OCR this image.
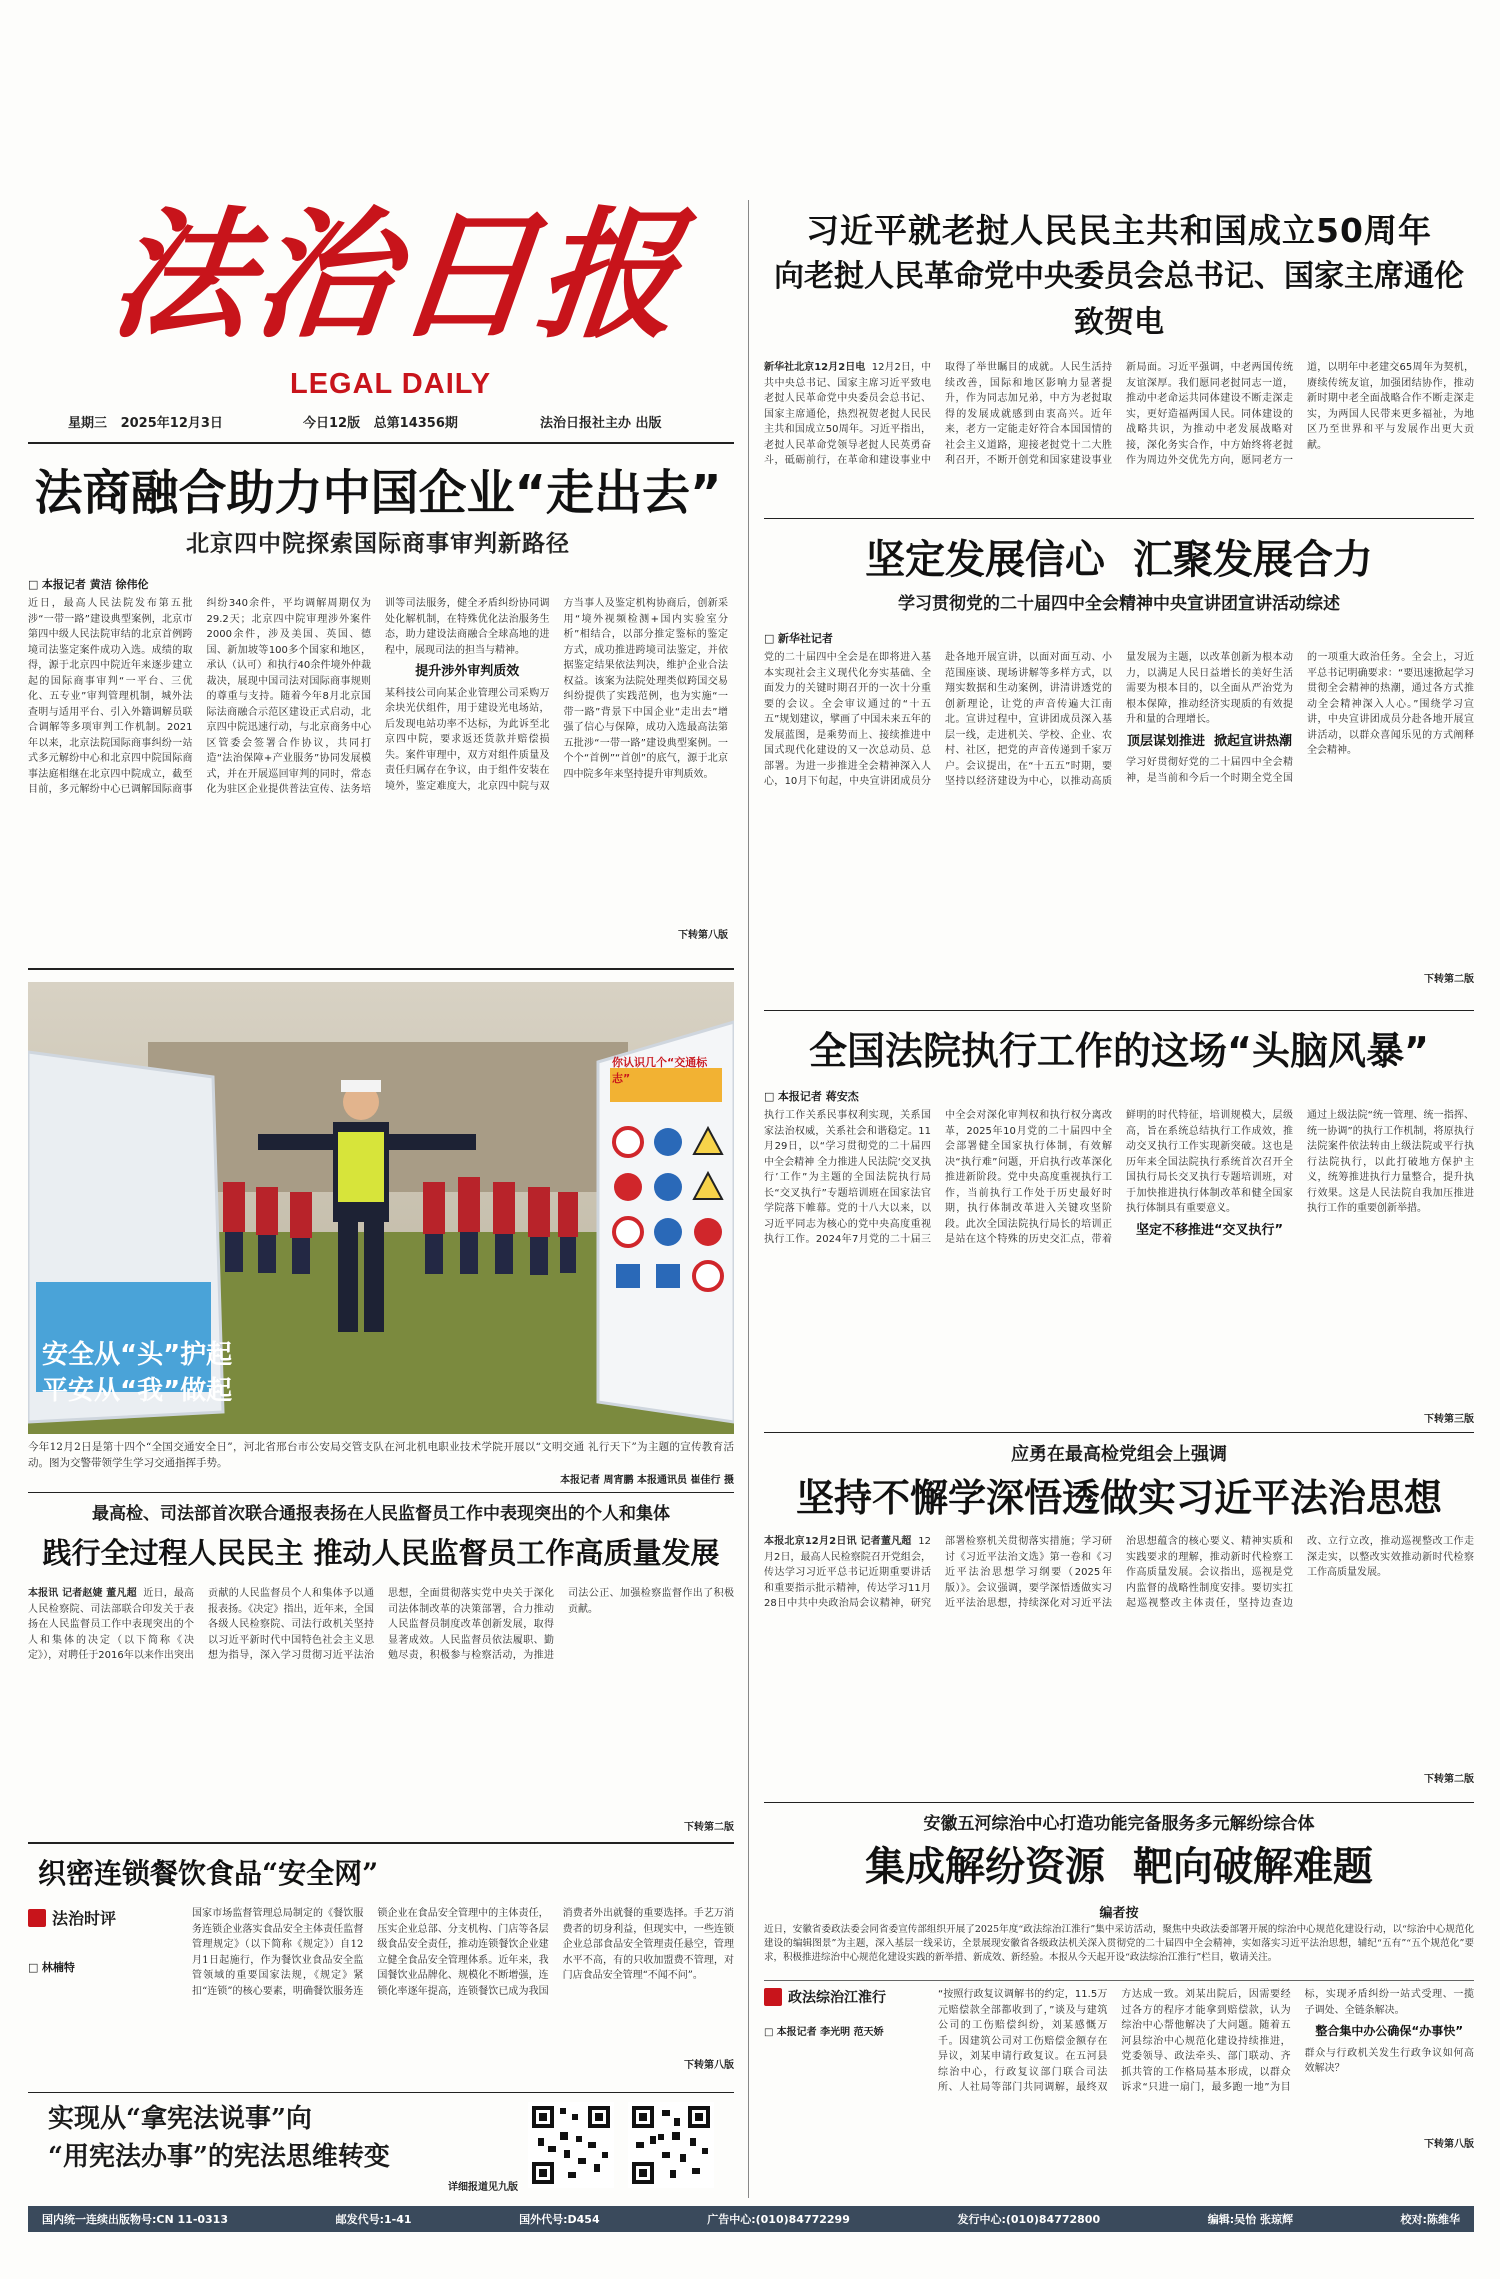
法治日报
LEGAL DAILY
星期三 2025年12月3日	今日12版 总第14356期	法治日报社主办 出版
习近平就老挝人民民主共和国成立50周年
向老挝人民革命党中央委员会总书记、国家主席通伦致贺电
新华社北京12月2日电 12月2日，中共中央总书记、国家主席习近平致电老挝人民革命党中央委员会总书记、国家主席通伦，热烈祝贺老挝人民民主共和国成立50周年。习近平指出，老挝人民革命党领导老挝人民英勇奋斗，砥砺前行，在革命和建设事业中取得了举世瞩目的成就。人民生活持续改善，国际和地区影响力显著提升，作为同志加兄弟，中方为老挝取得的发展成就感到由衷高兴。近年来，老方一定能走好符合本国国情的社会主义道路，迎接老挝党十二大胜利召开，不断开创党和国家建设事业新局面。习近平强调，中老两国传统友谊深厚。我们愿同老挝同志一道，推动中老命运共同体建设不断走深走实，更好造福两国人民。同体建设的战略共识，为推动中老发展战略对接，深化务实合作，中方始终将老挝作为周边外交优先方向，愿同老方一道，以明年中老建交65周年为契机，赓续传统友谊，加强团结协作，推动新时期中老全面战略合作不断走深走实，为两国人民带来更多福祉，为地区乃至世界和平与发展作出更大贡献。
法商融合助力中国企业“走出去”
北京四中院探索国际商事审判新路径
□ 本报记者 黄洁 徐伟伦
近日，最高人民法院发布第五批涉“一带一路”建设典型案例，北京市第四中级人民法院审结的北京首例跨境司法鉴定案件成功入选。成绩的取得，源于北京四中院近年来逐步建立起的国际商事审判“一平台、三优化、五专业”审判管理机制，城外法查明与适用平台、引入外籍调解员联合调解等多项审判工作机制。2021年以来，北京法院国际商事纠纷一站式多元解纷中心和北京四中院国际商事法庭相继在北京四中院成立，截至目前，多元解纷中心已调解国际商事纠纷340余件，平均调解周期仅为29.2天；北京四中院审理涉外案件2000余件，涉及美国、英国、德国、新加坡等100多个国家和地区，承认（认可）和执行40余件境外仲裁裁决，展现中国司法对国际商事规则的尊重与支持。随着今年8月北京国际法商融合示范区建设正式启动，北京四中院迅速行动，与北京商务中心区管委会签署合作协议，共同打造“法治保障+产业服务”协同发展模式，并在开展巡回审判的同时，常态化为驻区企业提供普法宣传、法务培训等司法服务，健全矛盾纠纷协同调处化解机制，在特殊优化法治服务生态，助力建设法商融合全球高地的进程中，展现司法的担当与精神。
提升涉外审判质效
某科技公司向某企业管理公司采购万余块光伏组件，用于建设光电场站，后发现电站功率不达标，为此诉至北京四中院，要求返还货款并赔偿损失。案件审理中，双方对组件质量及责任归属存在争议，由于组件安装在境外，鉴定难度大，北京四中院与双方当事人及鉴定机构协商后，创新采用“境外视频检测+国内实验室分析”相结合，以部分推定鉴标的鉴定方式，成功推进跨境司法鉴定，并依据鉴定结果依法判决，维护企业合法权益。该案为法院处理类似跨国交易纠纷提供了实践范例，也为实施“一带一路”背景下中国企业“走出去”增强了信心与保障，成功入选最高法第五批涉“一带一路”建设典型案例。一个个“首例”“首创”的底气，源于北京四中院多年来坚持提升审判质效。
下转第八版
坚定发展信心  汇聚发展合力
学习贯彻党的二十届四中全会精神中央宣讲团宣讲活动综述
□ 新华社记者
党的二十届四中全会是在即将进入基本实现社会主义现代化夯实基础、全面发力的关键时期召开的一次十分重要的会议。全会审议通过的“十五五”规划建议，擘画了中国未来五年的发展蓝图，是乘势而上、接续推进中国式现代化建设的又一次总动员、总部署。为进一步推进全会精神深入人心，10月下旬起，中央宣讲团成员分赴各地开展宣讲，以面对面互动、小范围座谈、现场讲解等多样方式，以翔实数据和生动案例，讲清讲透党的创新理论，让党的声音传遍大江南北。宣讲过程中，宣讲团成员深入基层一线，走进机关、学校、企业、农村、社区，把党的声音传递到千家万户。会议提出，在“十五五”时期，要坚持以经济建设为中心，以推动高质量发展为主题，以改革创新为根本动力，以满足人民日益增长的美好生活需要为根本目的，以全面从严治党为根本保障，推动经济实现质的有效提升和量的合理增长。
顶层谋划推进  掀起宣讲热潮
学习好贯彻好党的二十届四中全会精神，是当前和今后一个时期全党全国的一项重大政治任务。全会上，习近平总书记明确要求：“要迅速掀起学习贯彻全会精神的热潮，通过各方式推动全会精神深入人心。”围绕学习宣讲，中央宣讲团成员分赴各地开展宣讲活动，以群众喜闻乐见的方式阐释全会精神。
下转第二版
安全从“头”护起
平安从“我”做起
你认识几个“交通标志”
今年12月2日是第十四个“全国交通安全日”，河北省邢台市公安局交管支队在河北机电职业技术学院开展以“文明交通 礼行天下”为主题的宣传教育活动。图为交警带领学生学习交通指挥手势。
本报记者 周宵鹏 本报通讯员 崔佳行 摄
全国法院执行工作的这场“头脑风暴”
□ 本报记者 蒋安杰
执行工作关系民事权利实现，关系国家法治权威，关系社会和谐稳定。11月29日，以“学习贯彻党的二十届四中全会精神 全力推进人民法院‘交叉执行’工作”为主题的全国法院执行局长“交叉执行”专题培训班在国家法官学院落下帷幕。党的十八大以来，以习近平同志为核心的党中央高度重视执行工作。2024年7月党的二十届三中全会对深化审判权和执行权分离改革，2025年10月党的二十届四中全会部署健全国家执行体制，有效解决“执行难”问题，开启执行改革深化推进新阶段。党中央高度重视执行工作，当前执行工作处于历史最好时期，执行体制改革进入关键攻坚阶段。此次全国法院执行局长的培训正是站在这个特殊的历史交汇点，带着鲜明的时代特征，培训规模大，层级高，旨在系统总结执行工作成效，推动交叉执行工作实现新突破。这也是历年来全国法院执行系统首次召开全国执行局长交叉执行专题培训班，对于加快推进执行体制改革和健全国家执行体制具有重要意义。
坚定不移推进“交叉执行”
通过上级法院“统一管理、统一指挥、统一协调”的执行工作机制，将原执行法院案件依法转由上级法院或平行执行法院执行，以此打破地方保护主义，统筹推进执行力量整合，提升执行效果。这是人民法院自我加压推进执行工作的重要创新举措。
下转第三版
最高检、司法部首次联合通报表扬在人民监督员工作中表现突出的个人和集体
践行全过程人民民主 推动人民监督员工作高质量发展
本报讯 记者赵婕 董凡超 近日，最高人民检察院、司法部联合印发关于表扬在人民监督员工作中表现突出的个人和集体的决定（以下简称《决定》），对聘任于2016年以来作出突出贡献的人民监督员个人和集体予以通报表扬。《决定》指出，近年来，全国各级人民检察院、司法行政机关坚持以习近平新时代中国特色社会主义思想为指导，深入学习贯彻习近平法治思想，全面贯彻落实党中央关于深化司法体制改革的决策部署，合力推动人民监督员制度改革创新发展，取得显著成效。人民监督员依法履职、勤勉尽责，积极参与检察活动，为推进司法公正、加强检察监督作出了积极贡献。
下转第二版
应勇在最高检党组会上强调
坚持不懈学深悟透做实习近平法治思想
本报北京12月2日讯 记者董凡超 12月2日，最高人民检察院召开党组会，传达学习习近平总书记近期重要讲话和重要指示批示精神，传达学习11月28日中共中央政治局会议精神，研究部署检察机关贯彻落实措施；学习研讨《习近平法治文选》第一卷和《习近平法治思想学习纲要（2025年版）》。会议强调，要学深悟透做实习近平法治思想，持续深化对习近平法治思想蕴含的核心要义、精神实质和实践要求的理解，推动新时代检察工作高质量发展。会议指出，巡视是党内监督的战略性制度安排。要切实扛起巡视整改主体责任，坚持边查边改、立行立改，推动巡视整改工作走深走实，以整改实效推动新时代检察工作高质量发展。
下转第二版
织密连锁餐饮食品“安全网”
法治时评
□ 林楠特
国家市场监督管理总局制定的《餐饮服务连锁企业落实食品安全主体责任监督管理规定》（以下简称《规定》）自12月1日起施行，作为餐饮业食品安全监管领域的重要国家法规，《规定》紧扣“连锁”的核心要素，明确餐饮服务连锁企业在食品安全管理中的主体责任，压实企业总部、分支机构、门店等各层级食品安全责任，推动连锁餐饮企业建立健全食品安全管理体系。近年来，我国餐饮业品牌化、规模化不断增强，连锁化率逐年提高，连锁餐饮已成为我国消费者外出就餐的重要选择。手艺万消费者的切身利益，但现实中，一些连锁企业总部食品安全管理责任悬空，管理水平不高，有的只收加盟费不管理，对门店食品安全管理“不闻不问”。
下转第八版
实现从“拿宪法说事”向
“用宪法办事”的宪法思维转变
详细报道见九版
安徽五河综治中心打造功能完备服务多元解纷综合体
集成解纷资源  靶向破解难题
编者按
近日，安徽省委政法委会同省委宣传部组织开展了2025年度“政法综治江淮行”集中采访活动，聚焦中央政法委部署开展的综治中心规范化建设行动，以“综治中心规范化建设的编辑图景”为主题，深入基层一线采访，全景展现安徽省各级政法机关深入贯彻党的二十届四中全会精神，实如落实习近平法治思想，辅纪“五有”“五个规范化”要求，积极推进综治中心规范化建设实践的新举措、新成效、新经验。本报从今天起开设“政法综治江淮行”栏目，敬请关注。
政法综治江淮行
□ 本报记者 李光明 范天娇
“按照行政复议调解书的约定，11.5万元赔偿款全部都收到了，”谈及与建筑公司的工伤赔偿纠纷，刘某感慨万千。因建筑公司对工伤赔偿金额存在异议，刘某申请行政复议。在五河县综治中心，行政复议部门联合司法所、人社局等部门共同调解，最终双方达成一致。刘某出院后，因需要经过各方的程序才能拿到赔偿款，认为综治中心帮他解决了大问题。随着五河县综治中心规范化建设持续推进，党委领导、政法牵头、部门联动、齐抓共管的工作格局基本形成，以群众诉求“只进一扇门，最多跑一地”为目标，实现矛盾纠纷一站式受理、一揽子调处、全链条解决。
整合集中办公确保“办事快”
群众与行政机关发生行政争议如何高效解决？
下转第八版
国内统一连续出版物号:CN 11-0313	邮发代号:1-41	国外代号:D454	广告中心:(010)84772299	发行中心:(010)84772800	编辑:吴怡 张琼辉	校对:陈维华
